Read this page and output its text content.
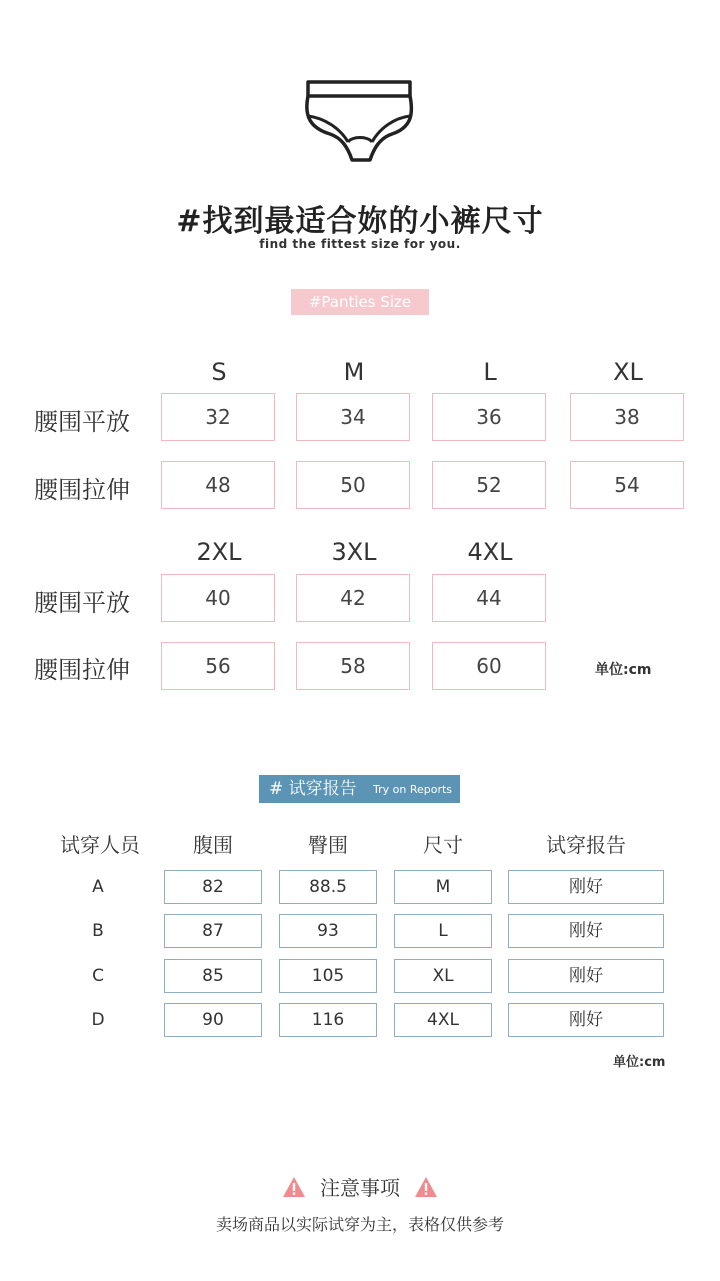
#找到最适合妳的小裤尺寸
find the fittest size for you.
#Panties Size
S	M	L	XL
腰围平放	32	34	36	38
腰围拉伸	48	50	52	54
2XL	3XL	4XL
腰围平放	40	42	44
腰围拉伸	56	58	60	单位:cm
# 试穿报告 Try on Reports
试穿人员	腹围	臀围	尺寸	试穿报告
A	82	88.5	M	刚好
B	87	93	L	刚好
C	85	105	XL	刚好
D	90	116	4XL	刚好
单位:cm
注意事项
卖场商品以实际试穿为主，表格仅供参考
